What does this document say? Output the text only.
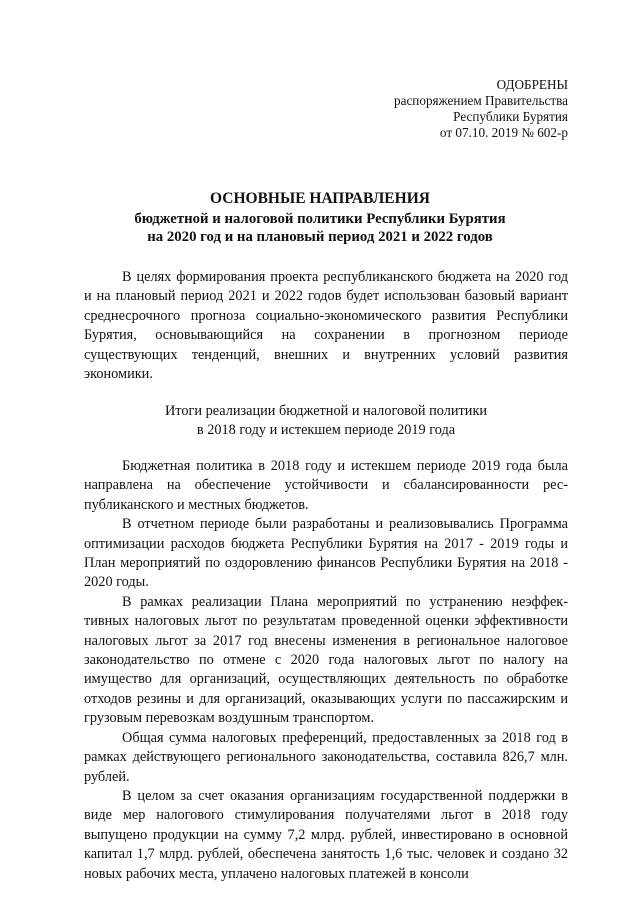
ОДОБРЕНЫ
распоряжением Правительства
Республики Бурятия
от 07.10. 2019 № 602-р
ОСНОВНЫЕ НАПРАВЛЕНИЯ
бюджетной и налоговой политики Республики Бурятия
на 2020 год и на плановый период 2021 и 2022 годов

В целях формирования проекта республиканского бюджета на 2020 год и на плановый период 2021 и 2022 годов будет использован базовый вариант среднесрочного прогноза социально-экономического развития Республики Бурятия, основывающийся на сохранении в прогнозном периоде существующих тенденций, внешних и внутренних условий развития экономики.

Итоги реализации бюджетной и налоговой политики
в 2018 году и истекшем периоде 2019 года

Бюджетная политика в 2018 году и истекшем периоде 2019 года была направлена на обеспечение устойчивости и сбалансированности республиканского и местных бюджетов.

В отчетном периоде были разработаны и реализовывались Программа оптимизации расходов бюджета Республики Бурятия на 2017 - 2019 годы и План мероприятий по оздоровлению финансов Республики Бурятия на 2018 - 2020 годы.

В рамках реализации Плана мероприятий по устранению неэффективных налоговых льгот по результатам проведенной оценки эффективности налоговых льгот за 2017 год внесены изменения в региональное налоговое законодательство по отмене с 2020 года налоговых льгот по налогу на имущество для организаций, осуществляющих деятельность по обработке отходов резины и для организаций, оказывающих услуги по пассажирским и грузовым перевозкам воздушным транспортом.

Общая сумма налоговых преференций, предоставленных за 2018 год в рамках действующего регионального законодательства, составила 826,7 млн. рублей.

В целом за счет оказания организациям государственной поддержки в виде мер налогового стимулирования получателями льгот в 2018 году выпущено продукции на сумму 7,2 млрд. рублей, инвестировано в основной капитал 1,7 млрд. рублей, обеспечена занятость 1,6 тыс. человек и создано 32 новых рабочих места, уплачено налоговых платежей в консоли
